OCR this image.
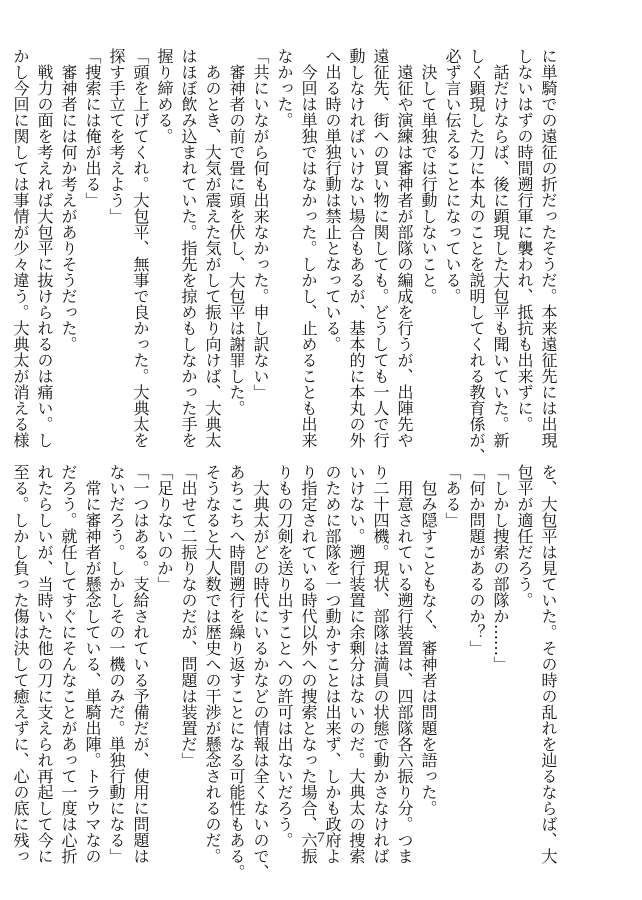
に単騎での遠征の折だったそうだ。本来遠征先には出現
しないはずの時間遡行軍に襲われ、抵抗も出来ずに。
　話だけならば、後に顕現した大包平も聞いていた。新
しく顕現した刀に本丸のことを説明してくれる教育係が、
必ず言い伝えることになっている。
　決して単独では行動しないこと。
　遠征や演練は審神者が部隊の編成を行うが、出陣先や
遠征先、街への買い物に関しても。どうしても一人で行
動しなければいけない場合もあるが、基本的に本丸の外
へ出る時の単独行動は禁止となっている。
　今回は単独ではなかった。しかし、止めることも出来
なかった。
「共にいながら何も出来なかった。申し訳ない」
　審神者の前で畳に頭を伏し、大包平は謝罪した。
　あのとき、大気が震えた気がして振り向けば、大典太
はほぼ飲み込まれていた。指先を掠めもしなかった手を
握り締める。
「頭を上げてくれ。大包平、無事で良かった。大典太を
探す手立てを考えよう」
「捜索には俺が出る」
　審神者には何か考えがありそうだった。
　戦力の面を考えれば大包平に抜けられるのは痛い。し
かし今回に関しては事情が少々違う。大典太が消える様
を、大包平は見ていた。その時の乱れを辿るならば、大
包平が適任だろう。
「しかし捜索の部隊か……」
「何か問題があるのか？」
「ある」
　包み隠すこともなく、審神者は問題を語った。
　用意されている遡行装置は、四部隊各六振り分。つま
り二十四機。現状、部隊は満員の状態で動かさなければ
いけない。遡行装置に余剰分はないのだ。大典太の捜索
のために部隊を一つ動かすことは出来ず、しかも政府よ
り指定されている時代以外への捜索となった場合、六振
りもの刀剣を送り出すことへの許可は出ないだろう。
　大典太がどの時代にいるかなどの情報は全くないので、
あちこちへ時間遡行を繰り返すことになる可能性もある。
そうなると大人数では歴史への干渉が懸念されるのだ。
「出せて二振りなのだが、問題は装置だ」
「足りないのか」
「一つはある。支給されている予備だが、使用に問題は
ないだろう。しかしその一機のみだ。単独行動になる」
　常に審神者が懸念している、単騎出陣。トラウマなの
だろう。就任してすぐにそんなことがあって一度は心折
れたらしいが、当時いた他の刀に支えられ再起して今に
至る。しかし負った傷は決して癒えずに、心の底に残っ	7
